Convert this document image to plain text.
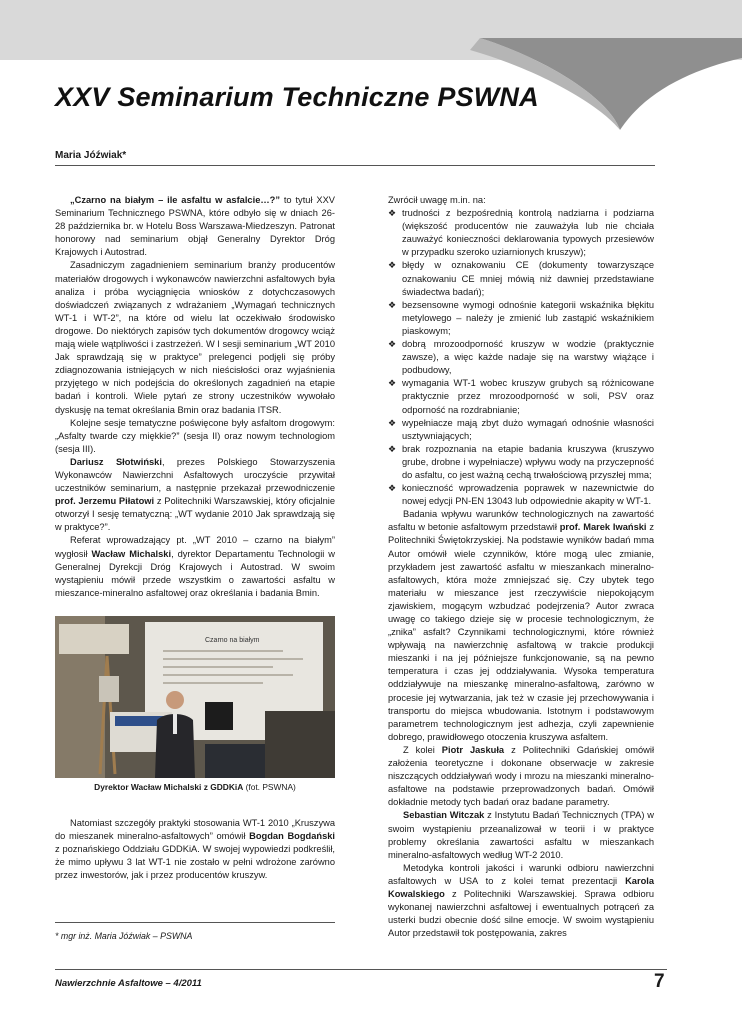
XXV Seminarium Techniczne PSWNA
Maria Jóźwiak*

„Czarno na białym – ile asfaltu w asfalcie…?” to tytuł XXV Seminarium Technicznego PSWNA, które odbyło się w dniach 26-28 października br. w Hotelu Boss Warszawa-Miedzeszyn. Patronat honorowy nad seminarium objął Generalny Dyrektor Dróg Krajowych i Autostrad.

Zasadniczym zagadnieniem seminarium branży producentów materiałów drogowych i wykonawców nawierzchni asfaltowych była analiza i próba wyciągnięcia wniosków z dotychczasowych doświadczeń związanych z wdrażaniem „Wymagań technicznych WT-1 i WT-2”, na które od wielu lat oczekiwało środowisko drogowe. Do niektórych zapisów tych dokumentów drogowcy wciąż mają wiele wątpliwości i zastrzeżeń. W I sesji seminarium „WT 2010 Jak sprawdzają się w praktyce” prelegenci podjęli się próby zdiagnozowania istniejących w nich nieścisłości oraz wyjaśnienia przyjętego w nich podejścia do określonych zagadnień na etapie badań i kontroli. Wiele pytań ze strony uczestników wywołało dyskusję na temat określania Bmin oraz badania ITSR.

Kolejne sesje tematyczne poświęcone były asfaltom drogowym: „Asfalty twarde czy miękkie?” (sesja II) oraz nowym technologiom (sesja III).

Dariusz Słotwiński, prezes Polskiego Stowarzyszenia Wykonawców Nawierzchni Asfaltowych uroczyście przywitał uczestników seminarium, a następnie przekazał przewodniczenie prof. Jerzemu Piłatowi z Politechniki Warszawskiej, który oficjalnie otworzył I sesję tematyczną: „WT wydanie 2010 Jak sprawdzają się w praktyce?”.

Referat wprowadzający pt. „WT 2010 – czarno na białym” wygłosił Wacław Michalski, dyrektor Departamentu Technologii w Generalnej Dyrekcji Dróg Krajowych i Autostrad. W swoim wystąpieniu mówił przede wszystkim o zawartości asfaltu w mieszance-mineralno asfaltowej oraz określania i badania Bmin.

Czarno na białym
Dyrektor Wacław Michalski z GDDKiA (fot. PSWNA)

Natomiast szczegóły praktyki stosowania WT-1 2010 „Kruszywa do mieszanek mineralno-asfaltowych” omówił Bogdan Bogdański z poznańskiego Oddziału GDDKiA. W swojej wypowiedzi podkreślił, że mimo upływu 3 lat WT-1 nie zostało w pełni wdrożone zarówno przez inwestorów, jak i przez producentów kruszyw.

* mgr inż. Maria Jóźwiak – PSWNA

Zwrócił uwagę m.in. na:

❖ trudności z bezpośrednią kontrolą nadziarna i podziarna (większość producentów nie zauważyła lub nie chciała zauważyć konieczności deklarowania typowych przesiewów w przypadku szeroko uziarnionych kruszyw);
❖ błędy w oznakowaniu CE (dokumenty towarzyszące oznakowaniu CE mniej mówią niż dawniej przedstawiane świadectwa badań);
❖ bezsensowne wymogi odnośnie kategorii wskaźnika błękitu metylowego – należy je zmienić lub zastąpić wskaźnikiem piaskowym;
❖ dobrą mrozoodporność kruszyw w wodzie (praktycznie zawsze), a więc każde nadaje się na warstwy wiążące i podbudowy,
❖ wymagania WT-1 wobec kruszyw grubych są różnicowane praktycznie przez mrozoodporność w soli, PSV oraz odporność na rozdrabnianie;
❖ wypełniacze mają zbyt dużo wymagań odnośnie własności usztywniających;
❖ brak rozpoznania na etapie badania kruszywa (kruszywo grube, drobne i wypełniacze) wpływu wody na przyczepność do asfaltu, co jest ważną cechą trwałościową przyszłej mma;
❖ konieczność wprowadzenia poprawek w nazewnictwie do nowej edycji PN-EN 13043 lub odpowiednie akapity w WT-1.

Badania wpływu warunków technologicznych na zawartość asfaltu w betonie asfaltowym przedstawił prof. Marek Iwański z Politechniki Świętokrzyskiej. Na podstawie wyników badań mma Autor omówił wiele czynników, które mogą ulec zmianie, przykładem jest zawartość asfaltu w mieszankach mineralno-asfaltowych, która może zmniejszać się. Czy ubytek tego materiału w mieszance jest rzeczywiście niepokojącym zjawiskiem, mogącym wzbudzać podejrzenia? Autor zwraca uwagę co takiego dzieje się w procesie technologicznym, że „znika” asfalt? Czynnikami technologicznymi, które również wpływają na nawierzchnię asfaltową w trakcie produkcji mieszanki i na jej późniejsze funkcjonowanie, są na pewno temperatura i czas jej oddziaływania. Wysoka temperatura oddziaływuje na mieszankę mineralno-asfaltową, zarówno w procesie jej wytwarzania, jak też w czasie jej przechowywania i transportu do miejsca wbudowania. Istotnym i podstawowym parametrem technologicznym jest adhezja, czyli zapewnienie dobrego, prawidłowego otoczenia kruszywa asfaltem.

Z kolei Piotr Jaskuła z Politechniki Gdańskiej omówił założenia teoretyczne i dokonane obserwacje w zakresie niszczących oddziaływań wody i mrozu na mieszanki mineralno-asfaltowe na podstawie przeprowadzonych badań. Omówił dokładnie metody tych badań oraz badane parametry.

Sebastian Witczak z Instytutu Badań Technicznych (TPA) w swoim wystąpieniu przeanalizował w teorii i w praktyce problemy określania zawartości asfaltu w mieszankach mineralno-asfaltowych według WT-2 2010.

Metodyka kontroli jakości i warunki odbioru nawierzchni asfaltowych w USA to z kolei temat prezentacji Karola Kowalskiego z Politechniki Warszawskiej. Sprawa odbioru wykonanej nawierzchni asfaltowej i ewentualnych potrąceń za usterki budzi obecnie dość silne emocje. W swoim wystąpieniu Autor przedstawił tok postępowania, zakres

Nawierzchnie Asfaltowe – 4/2011	7
